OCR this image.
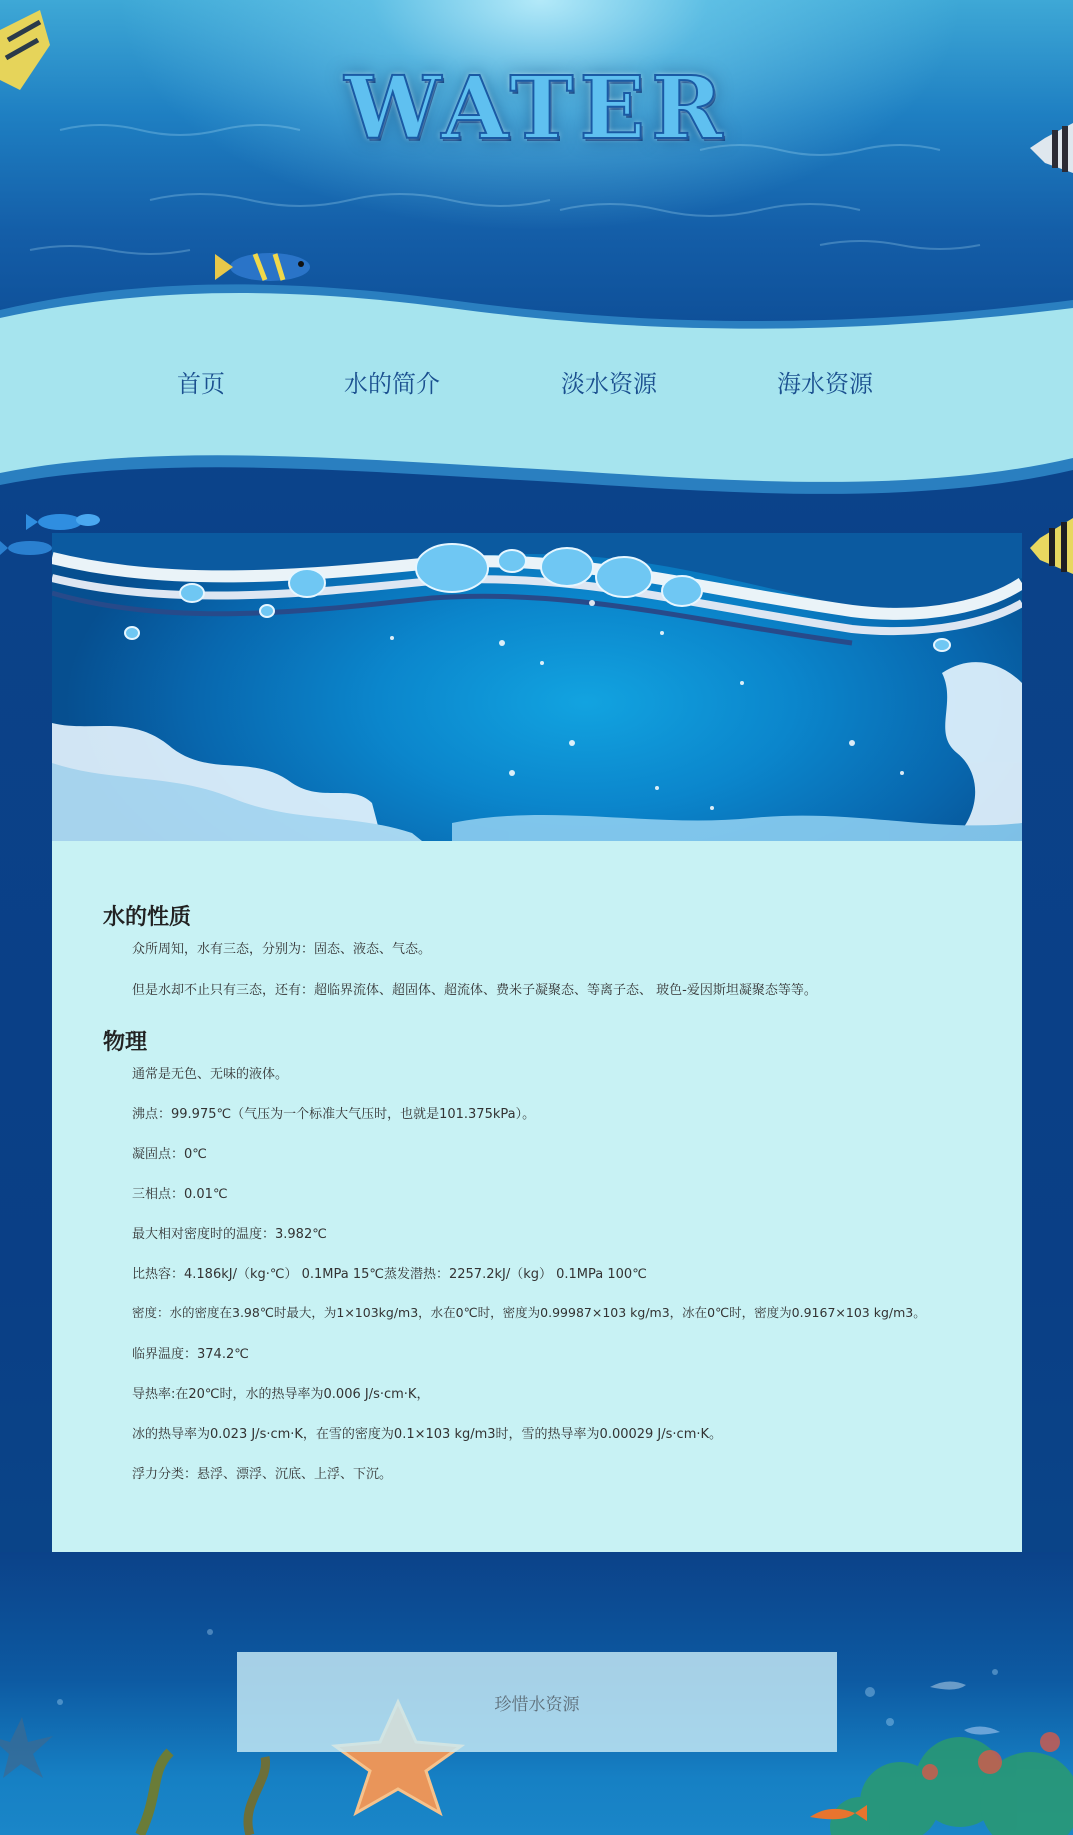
WATER
首页	水的简介	淡水资源	海水资源
水的性质

众所周知，水有三态，分别为：固态、液态、气态。

但是水却不止只有三态，还有：超临界流体、超固体、超流体、费米子凝聚态、等离子态、 玻色-爱因斯坦凝聚态等等。

物理

通常是无色、无味的液体。

沸点：99.975℃（气压为一个标准大气压时，也就是101.375kPa）。

凝固点：0℃

三相点：0.01℃

最大相对密度时的温度：3.982℃

比热容：4.186kJ/（kg·℃） 0.1MPa 15℃蒸发潜热：2257.2kJ/（kg） 0.1MPa 100℃

密度：水的密度在3.98℃时最大，为1×103kg/m3，水在0℃时，密度为0.99987×103 kg/m3，冰在0℃时，密度为0.9167×103 kg/m3。

临界温度：374.2℃

导热率:在20℃时，水的热导率为0.006 J/s·cm·K，

冰的热导率为0.023 J/s·cm·K，在雪的密度为0.1×103 kg/m3时，雪的热导率为0.00029 J/s·cm·K。

浮力分类：悬浮、漂浮、沉底、上浮、下沉。

珍惜水资源
